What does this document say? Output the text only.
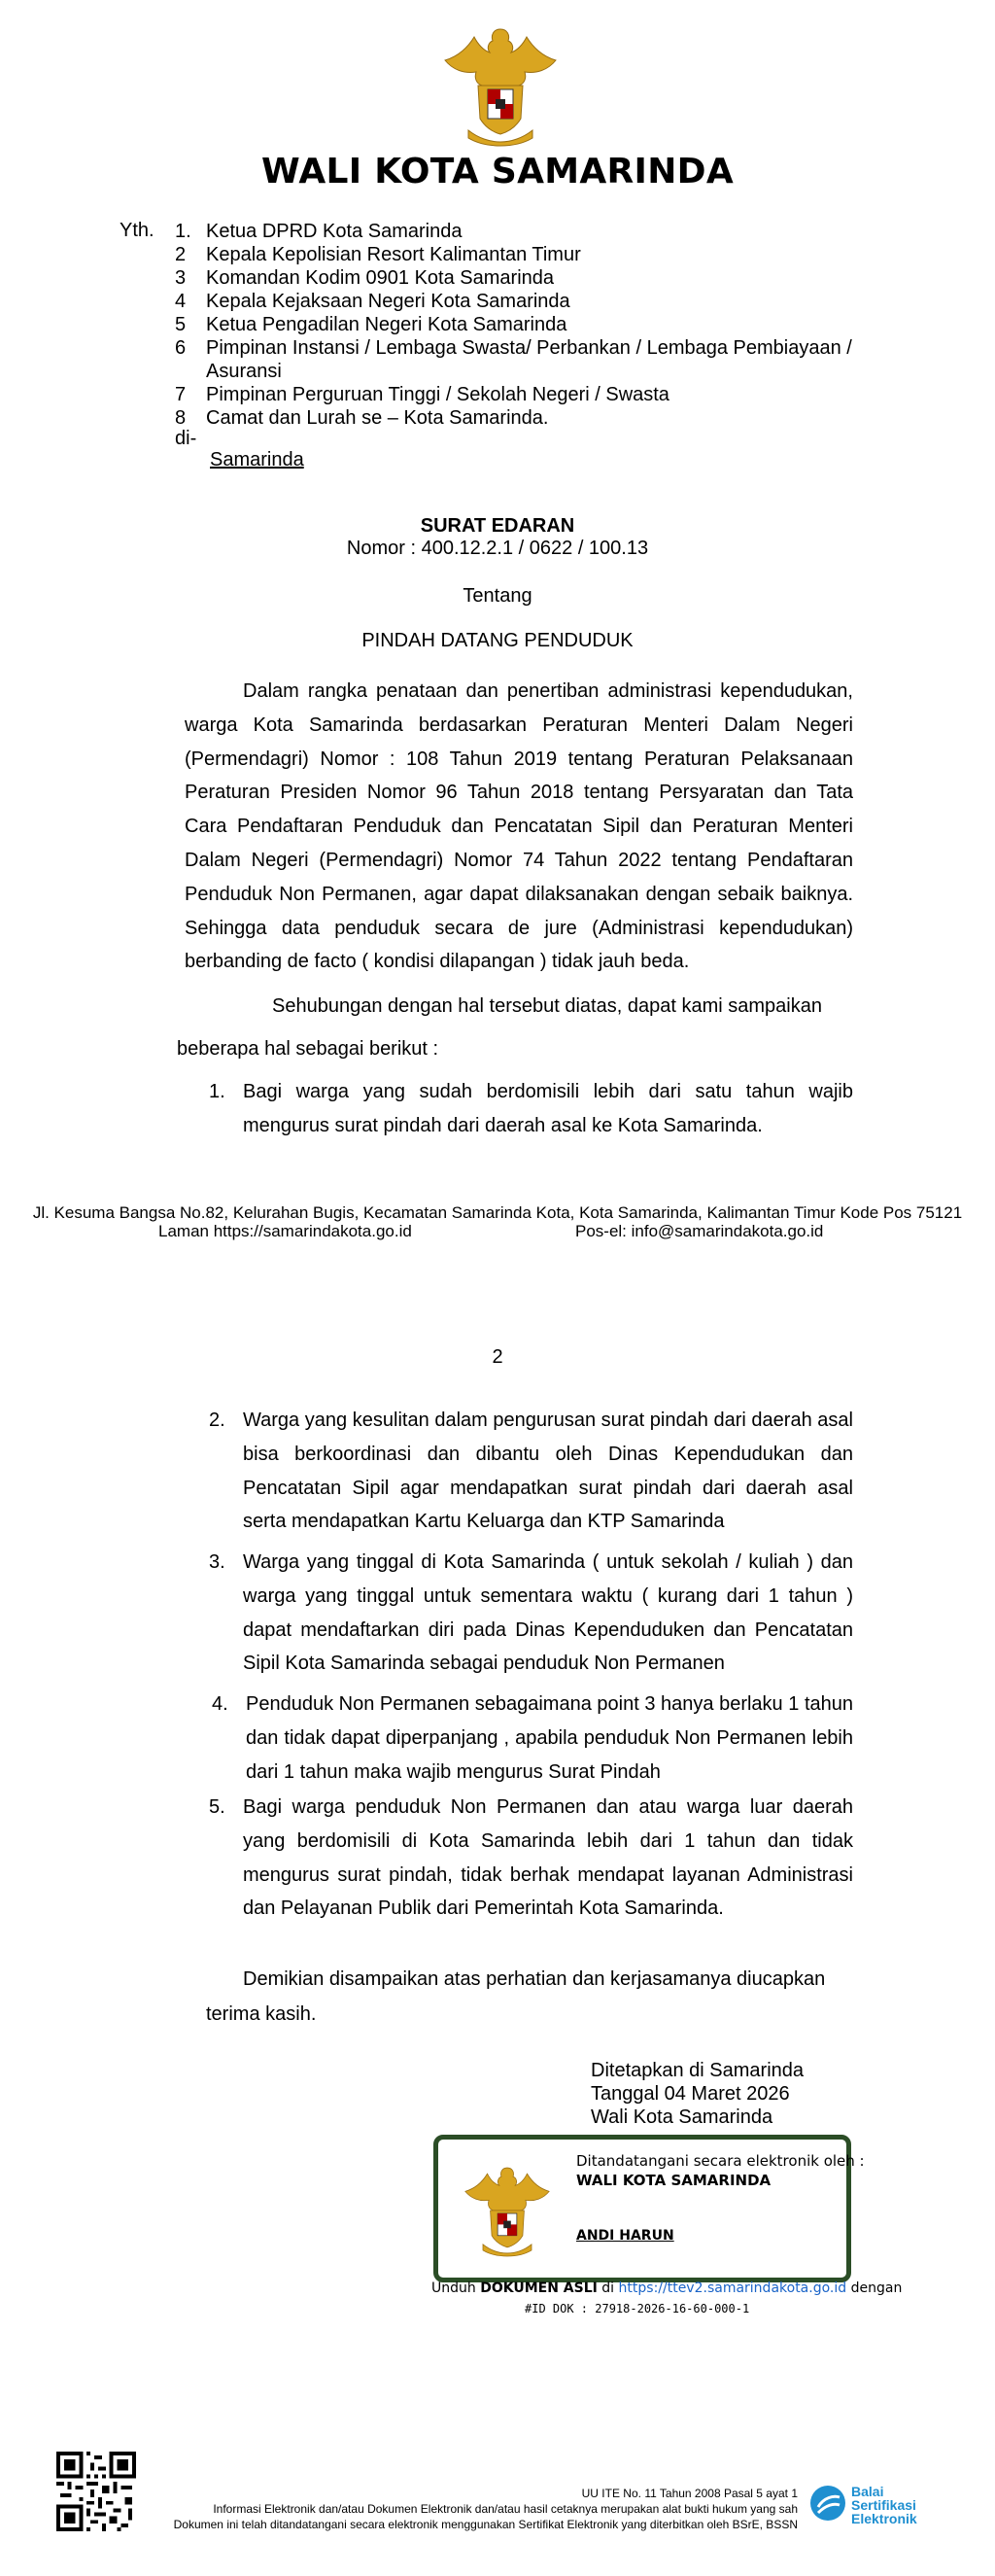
WALI KOTA SAMARINDA
Yth. 1. Ketua DPRD Kota Samarinda
2	Kepala Kepolisian Resort Kalimantan Timur
3	Komandan Kodim 0901 Kota Samarinda
4	Kepala Kejaksaan Negeri Kota Samarinda
5	Ketua Pengadilan Negeri Kota Samarinda
6	Pimpinan Instansi / Lembaga Swasta/ Perbankan / Lembaga Pembiayaan / Asuransi
7	Pimpinan Perguruan Tinggi / Sekolah Negeri / Swasta
8	Camat dan Lurah se – Kota Samarinda.
di-
Samarinda
SURAT EDARAN
Nomor : 400.12.2.1 / 0622 / 100.13
Tentang
PINDAH DATANG PENDUDUK

Dalam rangka penataan dan penertiban administrasi kependudukan, warga Kota Samarinda berdasarkan Peraturan Menteri Dalam Negeri (Permendagri) Nomor : 108 Tahun 2019 tentang Peraturan Pelaksanaan Peraturan Presiden Nomor 96 Tahun 2018 tentang Persyaratan dan Tata Cara Pendaftaran Penduduk dan Pencatatan Sipil dan Peraturan Menteri Dalam Negeri (Permendagri) Nomor 74 Tahun 2022 tentang Pendaftaran Penduduk Non Permanen, agar dapat dilaksanakan dengan sebaik baiknya. Sehingga data penduduk secara de jure (Administrasi kependudukan) berbanding de facto ( kondisi dilapangan ) tidak jauh beda.

Sehubungan dengan hal tersebut diatas, dapat kami sampaikan
beberapa hal sebagai berikut :
1. Bagi warga yang sudah berdomisili lebih dari satu tahun wajib mengurus surat pindah dari daerah asal ke Kota Samarinda.
Jl. Kesuma Bangsa No.82, Kelurahan Bugis, Kecamatan Samarinda Kota, Kota Samarinda, Kalimantan Timur Kode Pos 75121
Laman https://samarindakota.go.id	Pos-el: info@samarindakota.go.id
2
2. Warga yang kesulitan dalam pengurusan surat pindah dari daerah asal bisa berkoordinasi dan dibantu oleh Dinas Kependudukan dan Pencatatan Sipil agar mendapatkan surat pindah dari daerah asal serta mendapatkan Kartu Keluarga dan KTP Samarinda
3. Warga yang tinggal di Kota Samarinda ( untuk sekolah / kuliah ) dan warga yang tinggal untuk sementara waktu ( kurang dari 1 tahun ) dapat mendaftarkan diri pada Dinas Kependuduken dan Pencatatan Sipil Kota Samarinda sebagai penduduk Non Permanen
4. Penduduk Non Permanen sebagaimana point 3 hanya berlaku 1 tahun dan tidak dapat diperpanjang , apabila penduduk Non Permanen lebih dari 1 tahun maka wajib mengurus Surat Pindah
5. Bagi warga penduduk Non Permanen dan atau warga luar daerah yang berdomisili di Kota Samarinda lebih dari 1 tahun dan tidak mengurus surat pindah, tidak berhak mendapat layanan Administrasi dan Pelayanan Publik dari Pemerintah Kota Samarinda.
Demikian disampaikan atas perhatian dan kerjasamanya diucapkan
terima kasih.
Ditetapkan di Samarinda
Tanggal 04 Maret 2026
Wali Kota Samarinda
Ditandatangani secara elektronik oleh :
WALI KOTA SAMARINDA
ANDI HARUN
Unduh DOKUMEN ASLI di https://ttev2.samarindakota.go.id dengan
#ID DOK : 27918-2026-16-60-000-1
UU ITE No. 11 Tahun 2008 Pasal 5 ayat 1
Informasi Elektronik dan/atau Dokumen Elektronik dan/atau hasil cetaknya merupakan alat bukti hukum yang sah
Dokumen ini telah ditandatangani secara elektronik menggunakan Sertifikat Elektronik yang diterbitkan oleh BSrE, BSSN
Balai
Sertifikasi
Elektronik
